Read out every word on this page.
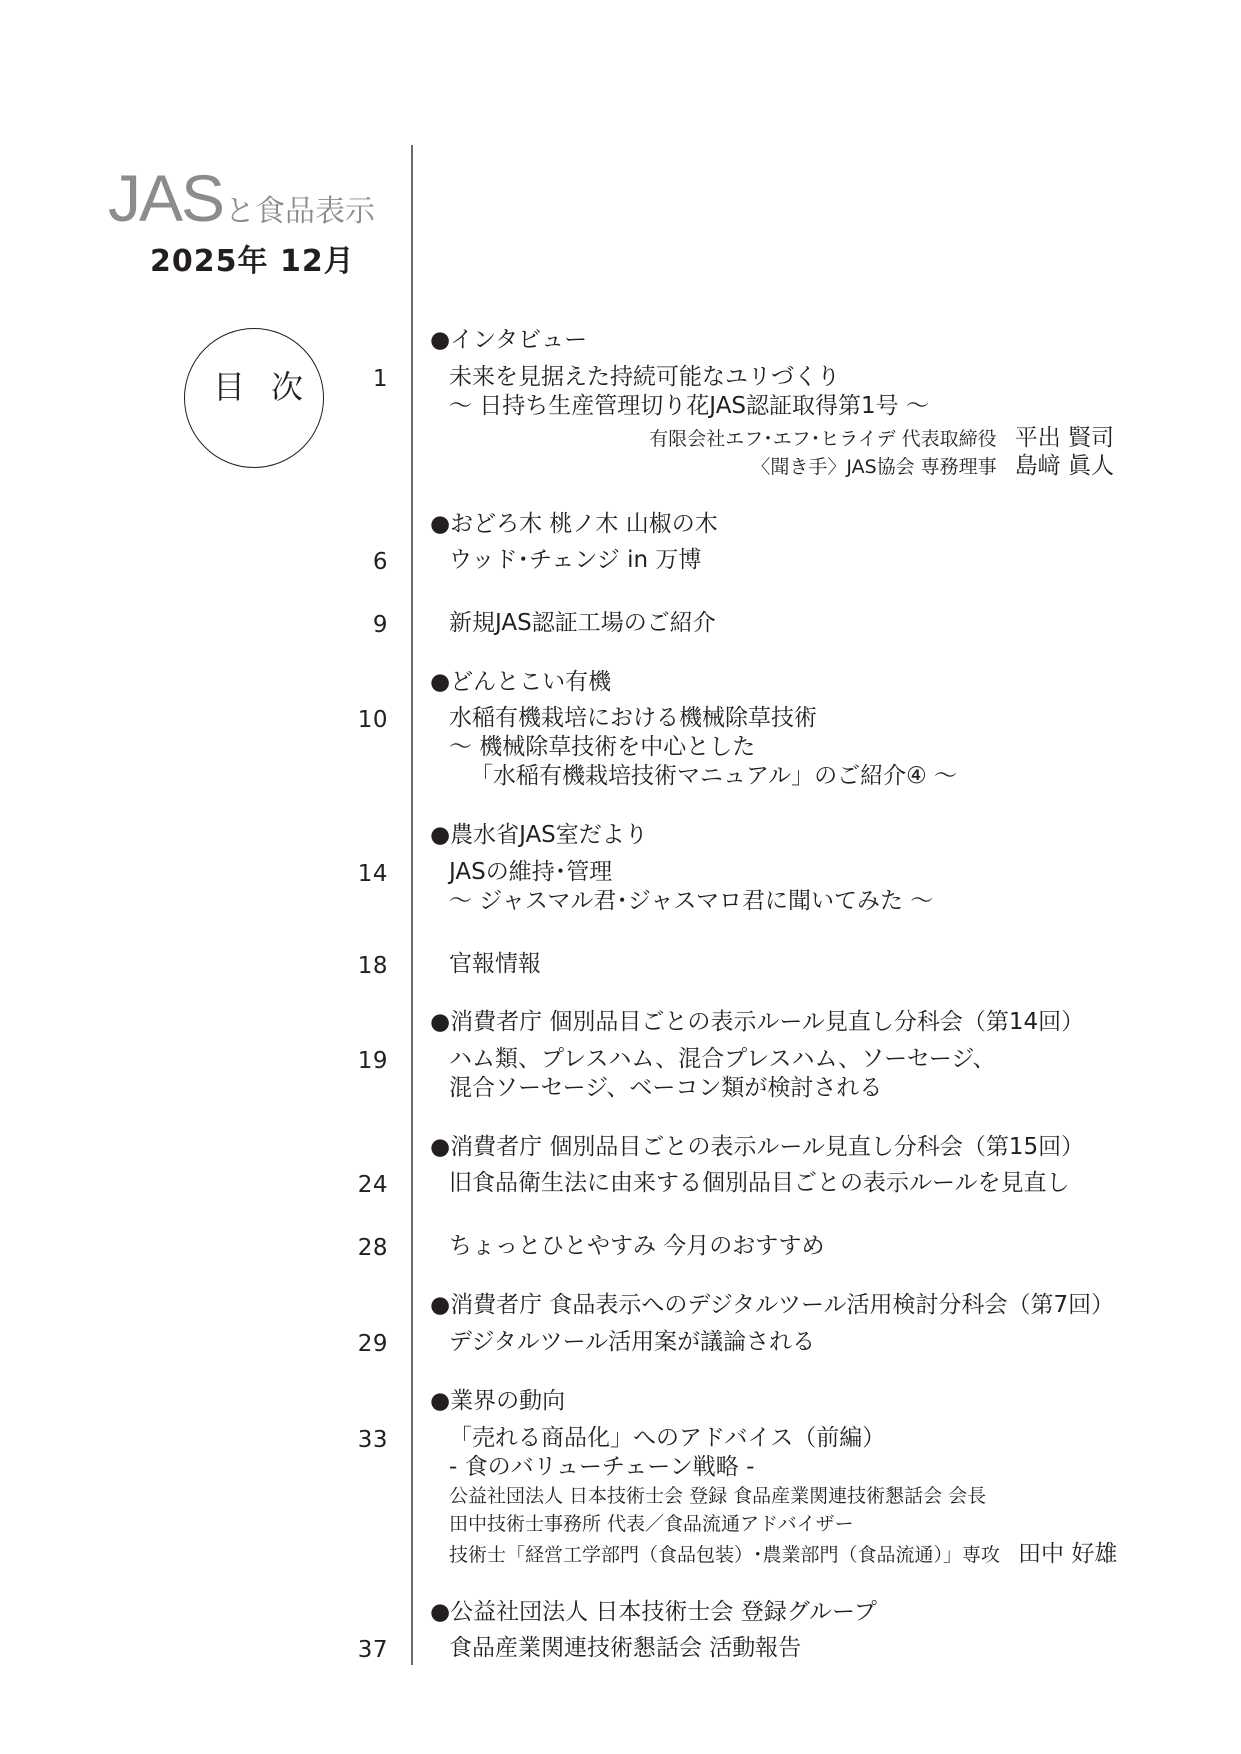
JASと食品表示
2025年 12月
目 次
●インタビュー
1	未来を見据えた持続可能なユリづくり
〜 日持ち生産管理切り花JAS認証取得第1号 〜
有限会社エフ･エフ･ヒライデ 代表取締役 平出 賢司
〈聞き手〉JAS協会 専務理事 島﨑 眞人
●おどろ木 桃ノ木 山椒の木
6	ウッド･チェンジ in 万博
9	新規JAS認証工場のご紹介
●どんとこい有機
10	水稲有機栽培における機械除草技術
〜 機械除草技術を中心とした
「水稲有機栽培技術マニュアル」のご紹介④ 〜
●農水省JAS室だより
14	JASの維持･管理
〜 ジャスマル君･ジャスマロ君に聞いてみた 〜
18	官報情報
●消費者庁 個別品目ごとの表示ルール見直し分科会（第14回）
19	ハム類、プレスハム、混合プレスハム、ソーセージ、
混合ソーセージ、ベーコン類が検討される
●消費者庁 個別品目ごとの表示ルール見直し分科会（第15回）
24	旧食品衛生法に由来する個別品目ごとの表示ルールを見直し
28	ちょっとひとやすみ 今月のおすすめ
●消費者庁 食品表示へのデジタルツール活用検討分科会（第7回）
29	デジタルツール活用案が議論される
●業界の動向
33	「売れる商品化」へのアドバイス（前編）
- 食のバリューチェーン戦略 -
公益社団法人 日本技術士会 登録 食品産業関連技術懇話会 会長
田中技術士事務所 代表／食品流通アドバイザー
技術士「経営工学部門（食品包装）･農業部門（食品流通）」専攻 田中 好雄
●公益社団法人 日本技術士会 登録グループ
37	食品産業関連技術懇話会 活動報告
